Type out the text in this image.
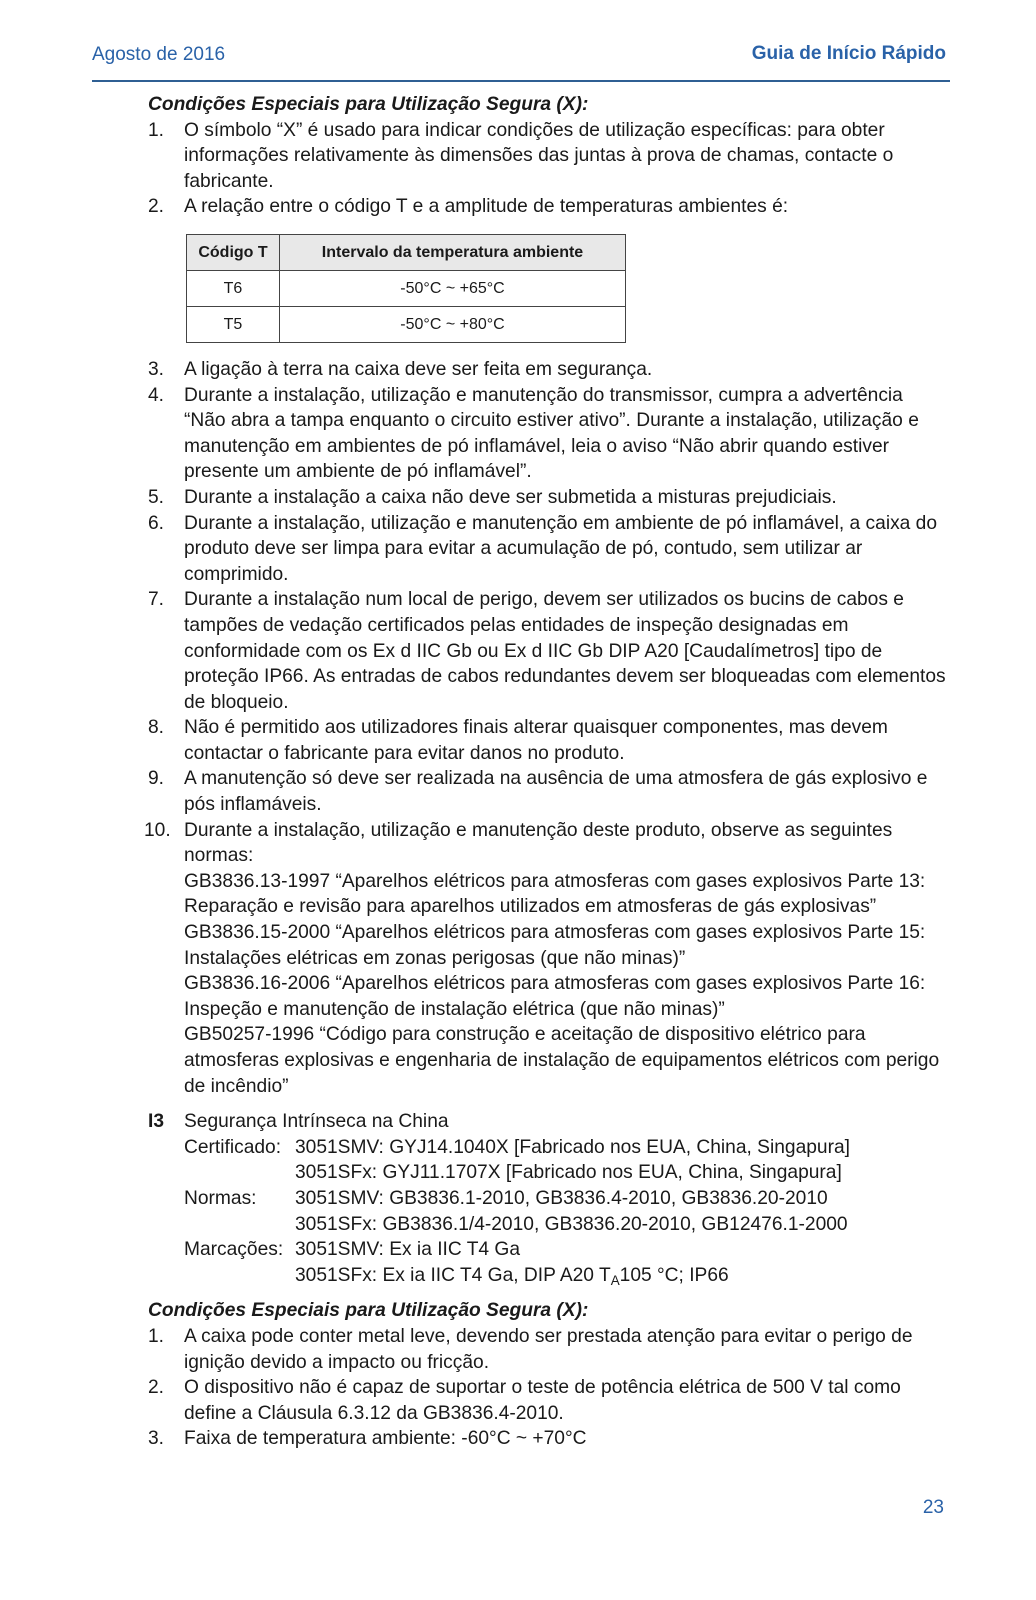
Agosto de 2016	Guia de Início Rápido

Condições Especiais para Utilização Segura (X):

1. O símbolo “X” é usado para indicar condições de utilização específicas: para obter informações relativamente às dimensões das juntas à prova de chamas, contacte o fabricante.
2. A relação entre o código T e a amplitude de temperaturas ambientes é:
Código T	Intervalo da temperatura ambiente
T6	-50°C ~ +65°C
T5	-50°C ~ +80°C
3. A ligação à terra na caixa deve ser feita em segurança.
4. Durante a instalação, utilização e manutenção do transmissor, cumpra a advertência “Não abra a tampa enquanto o circuito estiver ativo”. Durante a instalação, utilização e manutenção em ambientes de pó inflamável, leia o aviso “Não abrir quando estiver presente um ambiente de pó inflamável”.
5. Durante a instalação a caixa não deve ser submetida a misturas prejudiciais.
6. Durante a instalação, utilização e manutenção em ambiente de pó inflamável, a caixa do produto deve ser limpa para evitar a acumulação de pó, contudo, sem utilizar ar comprimido.
7. Durante a instalação num local de perigo, devem ser utilizados os bucins de cabos e tampões de vedação certificados pelas entidades de inspeção designadas em conformidade com os Ex d IIC Gb ou Ex d IIC Gb DIP A20 [Caudalímetros] tipo de proteção IP66. As entradas de cabos redundantes devem ser bloqueadas com elementos de bloqueio.
8. Não é permitido aos utilizadores finais alterar quaisquer componentes, mas devem contactar o fabricante para evitar danos no produto.
9. A manutenção só deve ser realizada na ausência de uma atmosfera de gás explosivo e pós inflamáveis.
10. Durante a instalação, utilização e manutenção deste produto, observe as seguintes normas:
GB3836.13-1997 “Aparelhos elétricos para atmosferas com gases explosivos Parte 13: Reparação e revisão para aparelhos utilizados em atmosferas de gás explosivas”
GB3836.15-2000 “Aparelhos elétricos para atmosferas com gases explosivos Parte 15: Instalações elétricas em zonas perigosas (que não minas)”
GB3836.16-2006 “Aparelhos elétricos para atmosferas com gases explosivos Parte 16: Inspeção e manutenção de instalação elétrica (que não minas)”
GB50257-1996 “Código para construção e aceitação de dispositivo elétrico para atmosferas explosivas e engenharia de instalação de equipamentos elétricos com perigo de incêndio”
I3 Segurança Intrínseca na China
Certificado: 3051SMV: GYJ14.1040X [Fabricado nos EUA, China, Singapura]
3051SFx: GYJ11.1707X [Fabricado nos EUA, China, Singapura]
Normas:	3051SMV: GB3836.1-2010, GB3836.4-2010, GB3836.20-2010
3051SFx: GB3836.1/4-2010, GB3836.20-2010, GB12476.1-2000
Marcações: 3051SMV: Ex ia IIC T4 Ga
3051SFx: Ex ia IIC T4 Ga, DIP A20 $T_A105$ °C; IP66

Condições Especiais para Utilização Segura (X):

1. A caixa pode conter metal leve, devendo ser prestada atenção para evitar o perigo de ignição devido a impacto ou fricção.
2. O dispositivo não é capaz de suportar o teste de potência elétrica de 500 V tal como define a Cláusula 6.3.12 da GB3836.4-2010.
3. Faixa de temperatura ambiente: -60°C ~ +70°C
23
